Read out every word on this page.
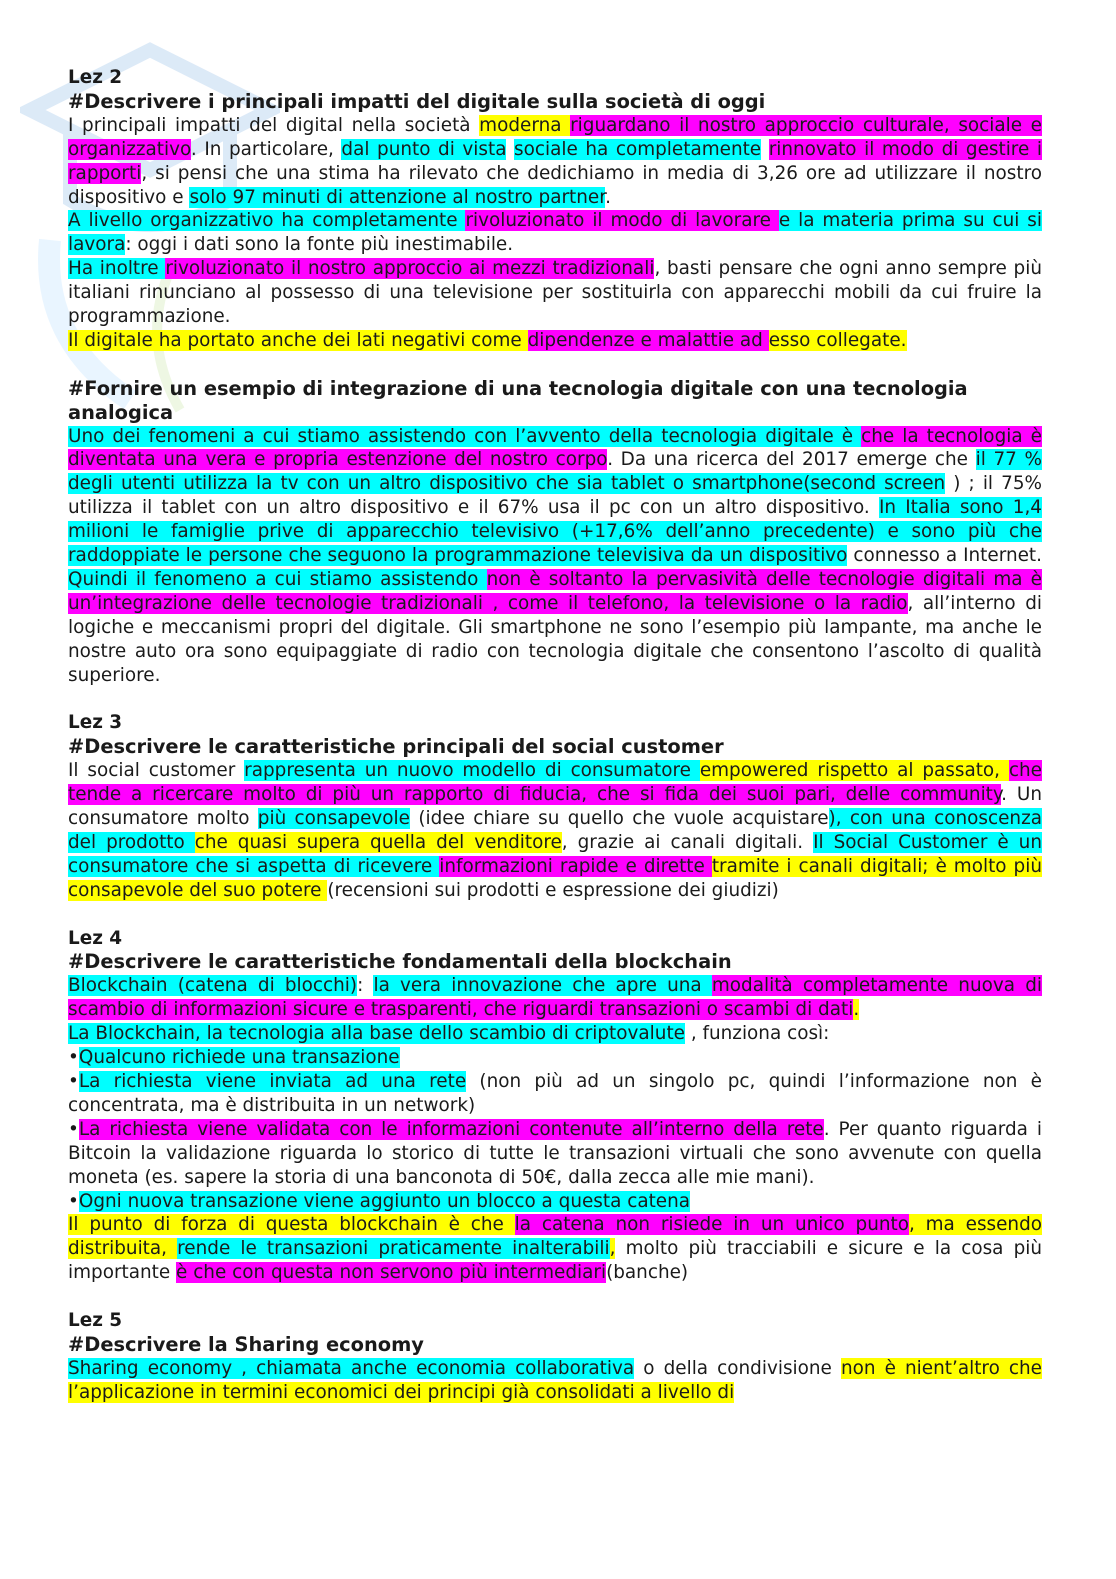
Lez 2
#Descrivere i principali impatti del digitale sulla società di oggi

I principali impatti del digital nella società moderna riguardano il nostro approccio culturale, sociale e organizzativo. In particolare, dal punto di vista sociale ha completamente rinnovato il modo di gestire i rapporti, si pensi che una stima ha rilevato che dedichiamo in media di 3,26 ore ad utilizzare il nostro dispositivo e solo 97 minuti di attenzione al nostro partner.

A livello organizzativo ha completamente rivoluzionato il modo di lavorare e la materia prima su cui si lavora: oggi i dati sono la fonte più inestimabile.

Ha inoltre rivoluzionato il nostro approccio ai mezzi tradizionali, basti pensare che ogni anno sempre più italiani rinunciano al possesso di una televisione per sostituirla con apparecchi mobili da cui fruire la programmazione.

Il digitale ha portato anche dei lati negativi come dipendenze e malattie ad esso collegate.

#Fornire un esempio di integrazione di una tecnologia digitale con una tecnologia analogica

Uno dei fenomeni a cui stiamo assistendo con l’avvento della tecnologia digitale è che la tecnologia è diventata una vera e propria estenzione del nostro corpo. Da una ricerca del 2017 emerge che il 77 % degli utenti utilizza la tv con un altro dispositivo che sia tablet o smartphone(second screen ) ; il 75% utilizza il tablet con un altro dispositivo e il 67% usa il pc con un altro dispositivo. In Italia sono 1,4 milioni le famiglie prive di apparecchio televisivo (+17,6% dell’anno precedente) e sono più che raddoppiate le persone che seguono la programmazione televisiva da un dispositivo connesso a Internet. Quindi il fenomeno a cui stiamo assistendo non è soltanto la pervasività delle tecnologie digitali ma è un’integrazione delle tecnologie tradizionali , come il telefono, la televisione o la radio, all’interno di logiche e meccanismi propri del digitale. Gli smartphone ne sono l’esempio più lampante, ma anche le nostre auto ora sono equipaggiate di radio con tecnologia digitale che consentono l’ascolto di qualità superiore.

Lez 3
#Descrivere le caratteristiche principali del social customer

Il social customer rappresenta un nuovo modello di consumatore empowered rispetto al passato, che tende a ricercare molto di più un rapporto di fiducia, che si fida dei suoi pari, delle community. Un consumatore molto più consapevole (idee chiare su quello che vuole acquistare), con una conoscenza del prodotto che quasi supera quella del venditore, grazie ai canali digitali. Il Social Customer è un consumatore che si aspetta di ricevere informazioni rapide e dirette tramite i canali digitali; è molto più consapevole del suo potere (recensioni sui prodotti e espressione dei giudizi)

Lez 4
#Descrivere le caratteristiche fondamentali della blockchain

Blockchain (catena di blocchi): la vera innovazione che apre una modalità completamente nuova di scambio di informazioni sicure e trasparenti, che riguardi transazioni o scambi di dati.

La Blockchain, la tecnologia alla base dello scambio di criptovalute , funziona così:

•Qualcuno richiede una transazione
•La richiesta viene inviata ad una rete (non più ad un singolo pc, quindi l’informazione non è concentrata, ma è distribuita in un network)
•La richiesta viene validata con le informazioni contenute all’interno della rete. Per quanto riguarda i Bitcoin la validazione riguarda lo storico di tutte le transazioni virtuali che sono avvenute con quella moneta (es. sapere la storia di una banconota di 50€, dalla zecca alle mie mani).
•Ogni nuova transazione viene aggiunto un blocco a questa catena

Il punto di forza di questa blockchain è che la catena non risiede in un unico punto, ma essendo distribuita, rende le transazioni praticamente inalterabili, molto più tracciabili e sicure e la cosa più importante è che con questa non servono più intermediari(banche)

Lez 5
#Descrivere la Sharing economy

Sharing economy , chiamata anche economia collaborativa o della condivisione non è nient’altro che l’applicazione in termini economici dei principi già consolidati a livello di
